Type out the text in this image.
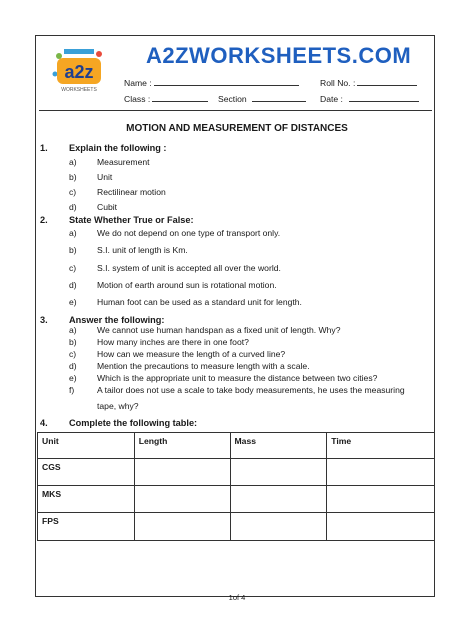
a2z
WORKSHEETS
A2ZWORKSHEETS.COM
Name :	Roll No. :
Class :	Section	Date :
MOTION AND MEASUREMENT OF DISTANCES
1. Explain the following :
a) Measurement
b) Unit
c) Rectilinear motion
d) Cubit
2. State Whether True or False:
a) We do not depend on one type of transport only.
b) S.I. unit of length is Km.
c) S.I. system of unit is accepted all over the world.
d) Motion of earth around sun is rotational motion.
e) Human foot can be used as a standard unit for length.
3. Answer the following:
a) We cannot use human handspan as a fixed unit of length. Why?
b) How many inches are there in one foot?
c) How can we measure the length of a curved line?
d) Mention the precautions to measure length with a scale.
e) Which is the appropriate unit to measure the distance between two cities?
f)	A tailor does not use a scale to take body measurements, he uses the measuring
tape, why?
4. Complete the following table:
Unit	Length	Mass	Time
CGS			
MKS			
FPS			
1of 4
